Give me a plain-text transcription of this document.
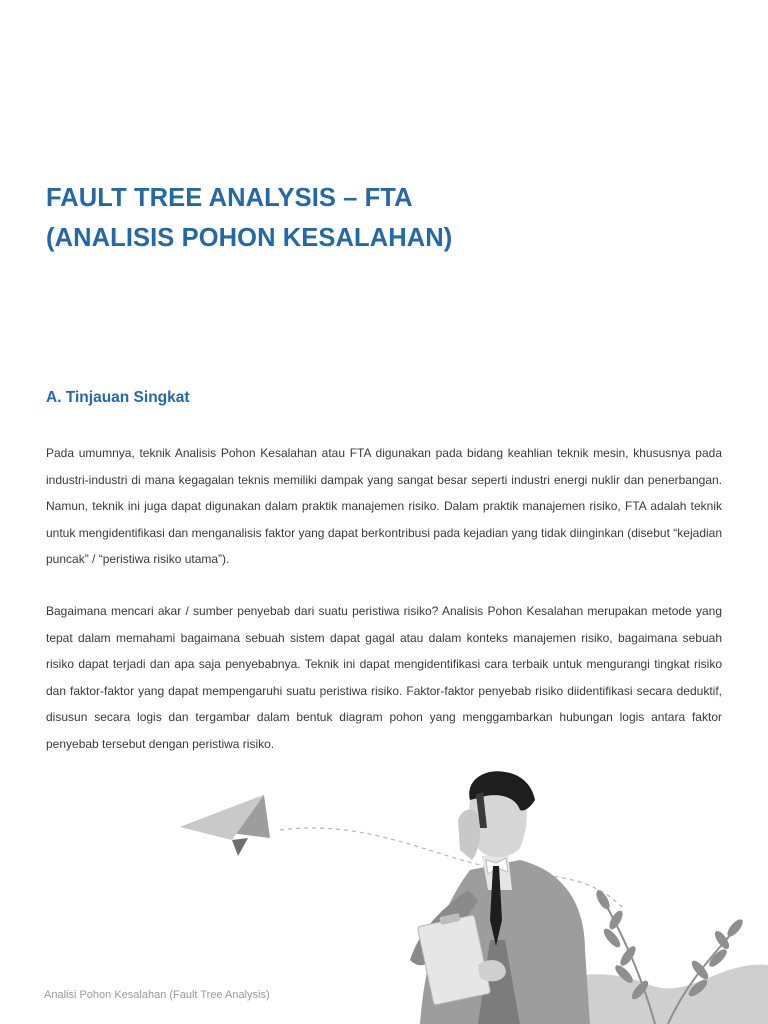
FAULT TREE ANALYSIS – FTA
(ANALISIS POHON KESALAHAN)
A. Tinjauan Singkat

Pada umumnya, teknik Analisis Pohon Kesalahan atau FTA digunakan pada bidang keahlian teknik mesin, khususnya pada industri-industri di mana kegagalan teknis memiliki dampak yang sangat besar seperti industri energi nuklir dan penerbangan. Namun, teknik ini juga dapat digunakan dalam praktik manajemen risiko. Dalam praktik manajemen risiko, FTA adalah teknik untuk mengidentifikasi dan menganalisis faktor yang dapat berkontribusi pada kejadian yang tidak diinginkan (disebut “kejadian puncak” / “peristiwa risiko utama”).

Bagaimana mencari akar / sumber penyebab dari suatu peristiwa risiko? Analisis Pohon Kesalahan merupakan metode yang tepat dalam memahami bagaimana sebuah sistem dapat gagal atau dalam konteks manajemen risiko, bagaimana sebuah risiko dapat terjadi dan apa saja penyebabnya. Teknik ini dapat mengidentifikasi cara terbaik untuk mengurangi tingkat risiko dan faktor-faktor yang dapat mempengaruhi suatu peristiwa risiko. Faktor-faktor penyebab risiko diidentifikasi secara deduktif, disusun secara logis dan tergambar dalam bentuk diagram pohon yang menggambarkan hubungan logis antara faktor penyebab tersebut dengan peristiwa risiko.

Analisi Pohon Kesalahan (Fault Tree Analysis)
